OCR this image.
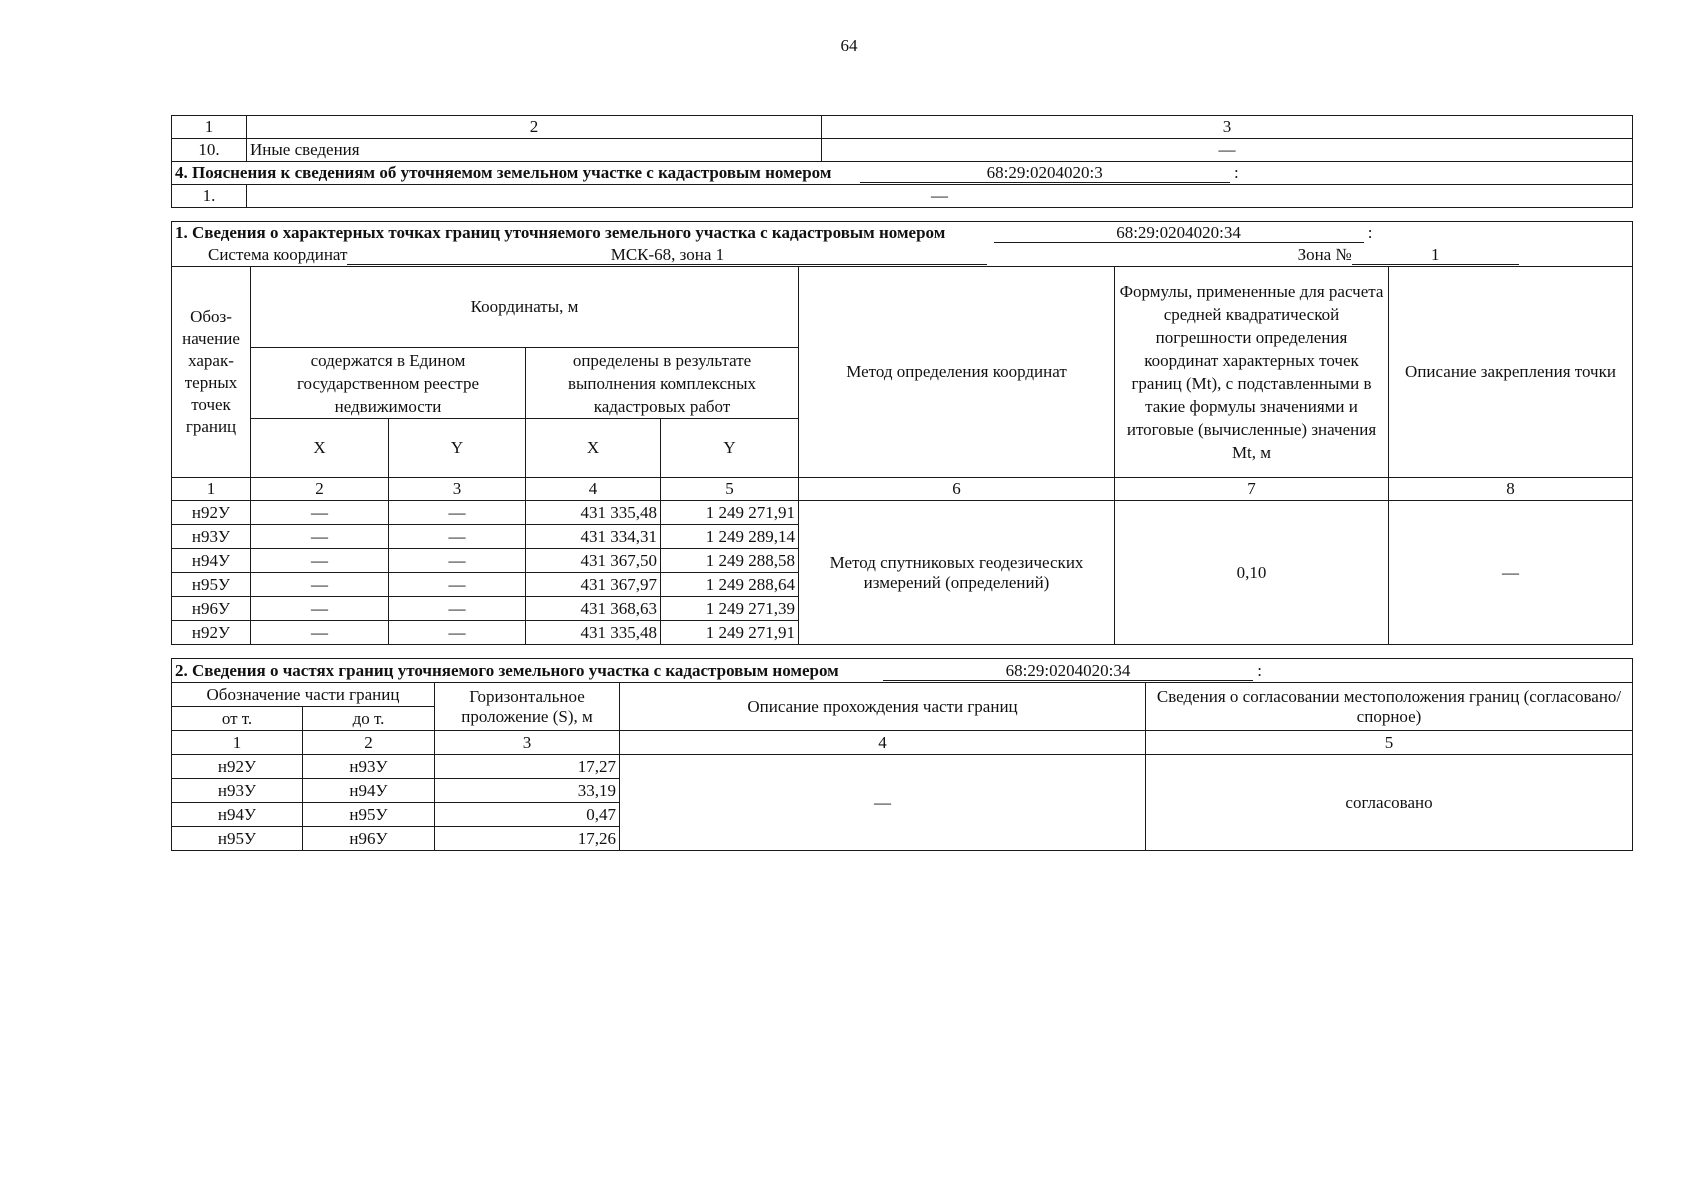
64
1	2	3
10.	Иные сведения	—
4. Пояснения к сведениям об уточняемом земельном участке с кадастровым номером 68:29:0204020:3 :		
1.	—	
1. Сведения о характерных точках границ уточняемого земельного участка с кадастровым номером 68:29:0204020:34 :							
Система координат МСК-68, зона 1 Зона № 1							
Обоз-начение харак-терных точек границ	Координаты, м				Метод определения координат	Формулы, примененные для расчета средней квадратической погрешности определения координат характерных точек границ (Mt), с подставленными в такие формулы значениями и итоговые (вычисленные) значения Mt, м	Описание закрепления точки
	содержатся в Едином государственном реестре недвижимости		определены в результате выполнения комплексных кадастровых работ				
	X	Y	X	Y			
1	2	3	4	5	6	7	8
н92У	—	—	431 335,48	1 249 271,91	Метод спутниковых геодезических измерений (определений)	0,10	—
н93У	—	—	431 334,31	1 249 289,14			
н94У	—	—	431 367,50	1 249 288,58			
н95У	—	—	431 367,97	1 249 288,64			
н96У	—	—	431 368,63	1 249 271,39			
н92У	—	—	431 335,48	1 249 271,91			
2. Сведения о частях границ уточняемого земельного участка с кадастровым номером 68:29:0204020:34 :				
Обозначение части границ		Горизонтальное проложение (S), м	Описание прохождения части границ	Сведения о согласовании местоположения границ (согласовано/спорное)
от т.	до т.			
1	2	3	4	5
н92У	н93У	17,27	—	согласовано
н93У	н94У	33,19		
н94У	н95У	0,47		
н95У	н96У	17,26		
